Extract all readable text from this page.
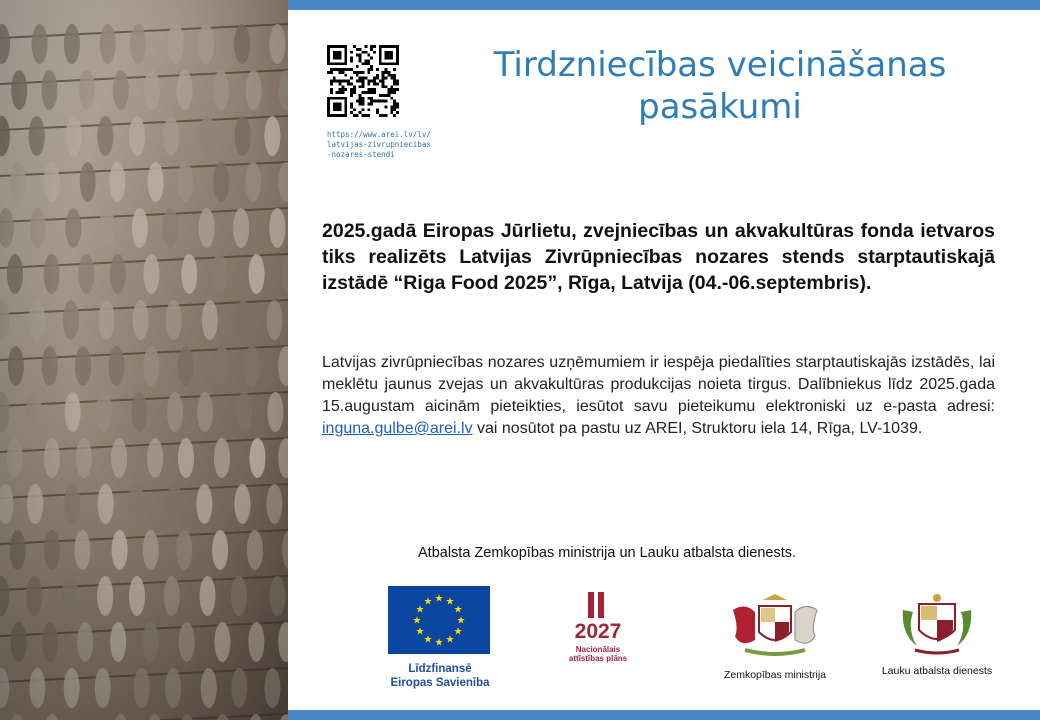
https://www.arei.lv/lv/latvijas-zivrupniecibas-nozares-stendi
Tirdzniecības veicināšanas pasākumi
2025.gadā Eiropas Jūrlietu, zvejniecības un akvakultūras fonda ietvaros tiks realizēts Latvijas Zivrūpniecības nozares stends starptautiskajā izstādē “Riga Food 2025”, Rīga, Latvija (04.-06.septembris).
Latvijas zivrūpniecības nozares uzņēmumiem ir iespēja piedalīties starptautiskajās izstādēs, lai meklētu jaunus zvejas un akvakultūras produkcijas noieta tirgus. Dalībniekus līdz 2025.gada 15.augustam aicinām pieteikties, iesūtot savu pieteikumu elektroniski uz e-pasta adresi: inguna.gulbe@arei.lv vai nosūtot pa pastu uz AREI, Struktoru iela 14, Rīga, LV-1039.
Atbalsta Zemkopības ministrija un Lauku atbalsta dienests.
★
★
★
★
★
★
★
★
★ ★ ★
★
Līdzfinansē
Eiropas Savienība
2027
Nacionālais
attīstības plāns
Zemkopības ministrija	Lauku atbalsta dienests
